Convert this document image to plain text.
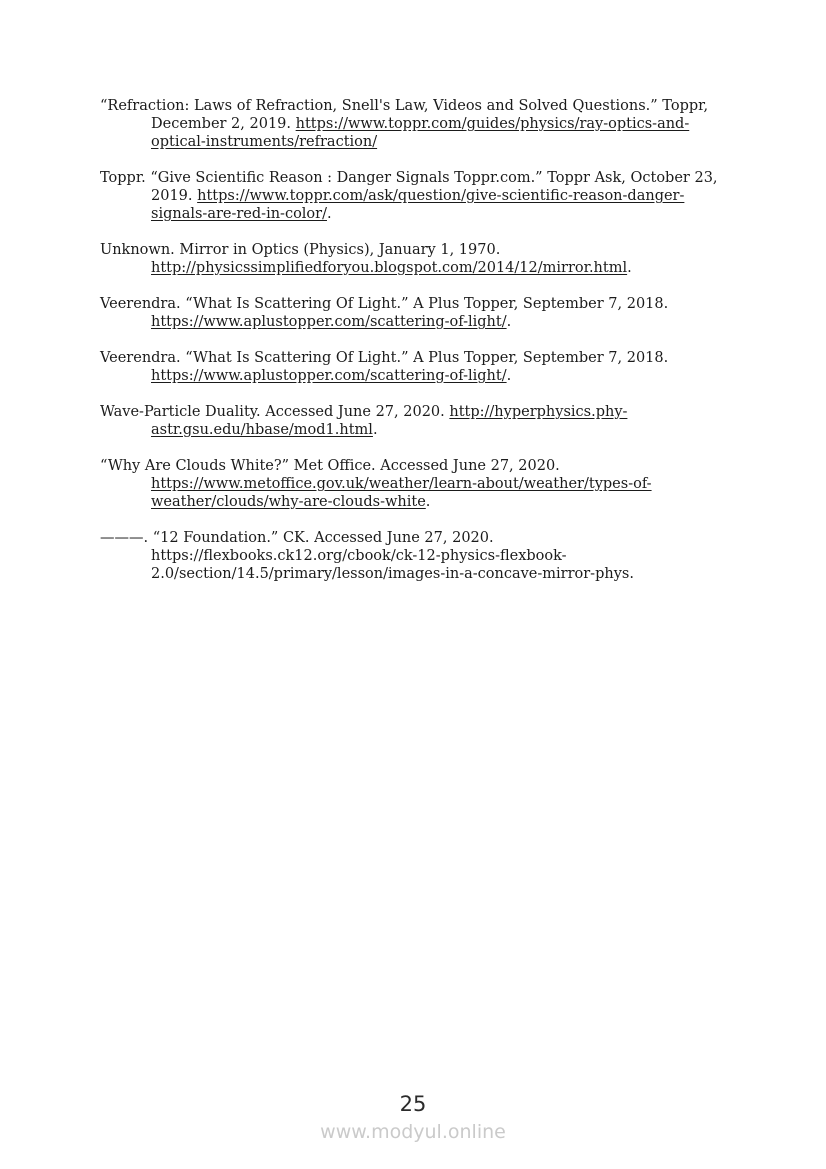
“Refraction: Laws of Refraction, Snell's Law, Videos and Solved Questions.” Toppr,
December 2, 2019. https://www.toppr.com/guides/physics/ray-optics-and-
optical-instruments/refraction/

Toppr. “Give Scientific Reason : Danger Signals Toppr.com.” Toppr Ask, October 23,
2019. https://www.toppr.com/ask/question/give-scientific-reason-danger-
signals-are-red-in-color/.

Unknown. Mirror in Optics (Physics), January 1, 1970.
http://physicssimplifiedforyou.blogspot.com/2014/12/mirror.html.

Veerendra. “What Is Scattering Of Light.” A Plus Topper, September 7, 2018.
https://www.aplustopper.com/scattering-of-light/.

Veerendra. “What Is Scattering Of Light.” A Plus Topper, September 7, 2018.
https://www.aplustopper.com/scattering-of-light/.

Wave-Particle Duality. Accessed June 27, 2020. http://hyperphysics.phy-
astr.gsu.edu/hbase/mod1.html.

“Why Are Clouds White?” Met Office. Accessed June 27, 2020.
https://www.metoffice.gov.uk/weather/learn-about/weather/types-of-
weather/clouds/why-are-clouds-white.

———. “12 Foundation.” CK. Accessed June 27, 2020.
https://flexbooks.ck12.org/cbook/ck-12-physics-flexbook-
2.0/section/14.5/primary/lesson/images-in-a-concave-mirror-phys.

25
www.modyul.online
